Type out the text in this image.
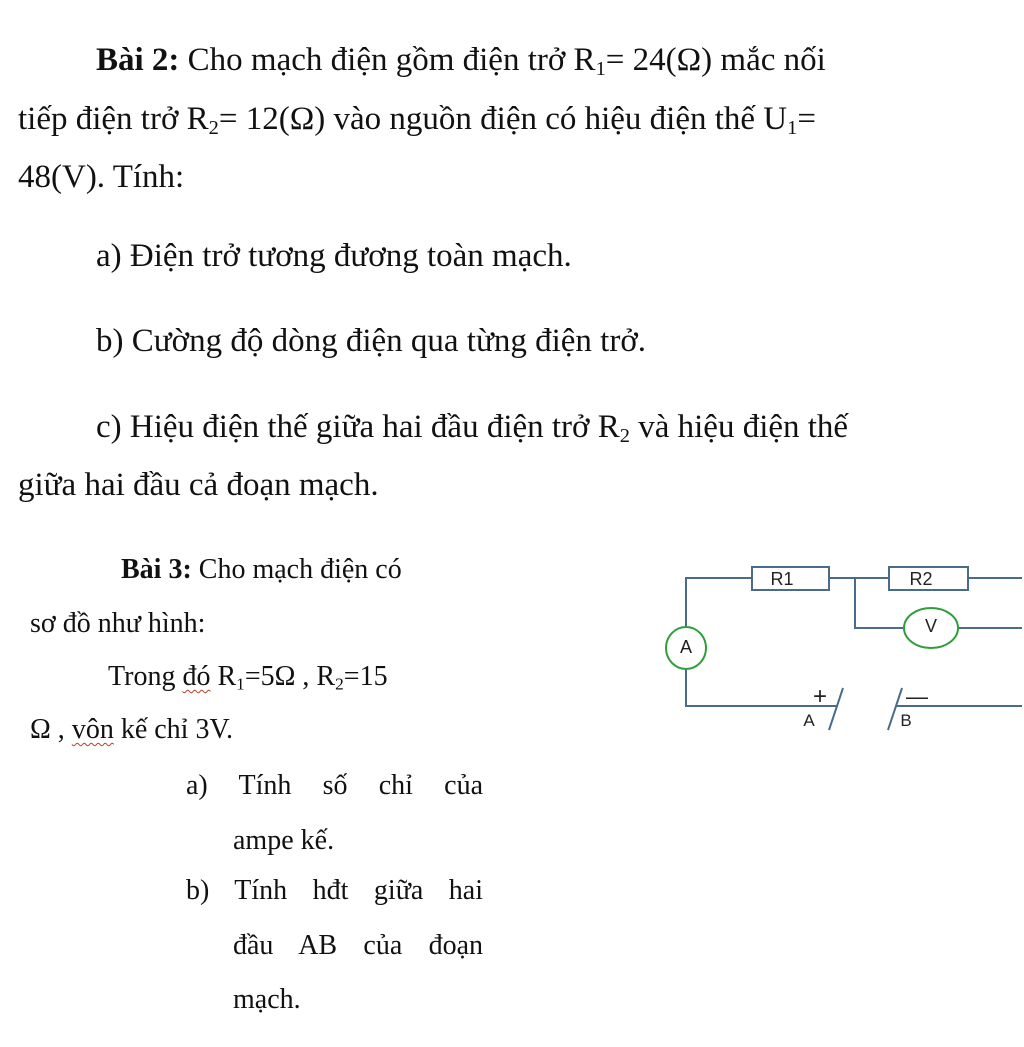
Bài 2: Cho mạch điện gồm điện trở $R_1= 24(\Omega)$ mắc nối
tiếp điện trở $R_2= 12(\Omega)$ vào nguồn điện có hiệu điện thế $U_1=$
48(V). Tính:
a) Điện trở tương đương toàn mạch.
b) Cường độ dòng điện qua từng điện trở.
c) Hiệu điện thế giữa hai đầu điện trở $R_2$ và hiệu điện thế
giữa hai đầu cả đoạn mạch.
Bài 3: Cho mạch điện có
sơ đồ như hình:
Trong đó $R_1=5\Omega$ , $R_2=15$
Ω , vôn kế chỉ 3V.
a) Tính số chỉ của
ampe kế.
b) Tính hđt giữa hai
đầu AB của đoạn
mạch.
R1	R2
V
A
+
A
—
B
